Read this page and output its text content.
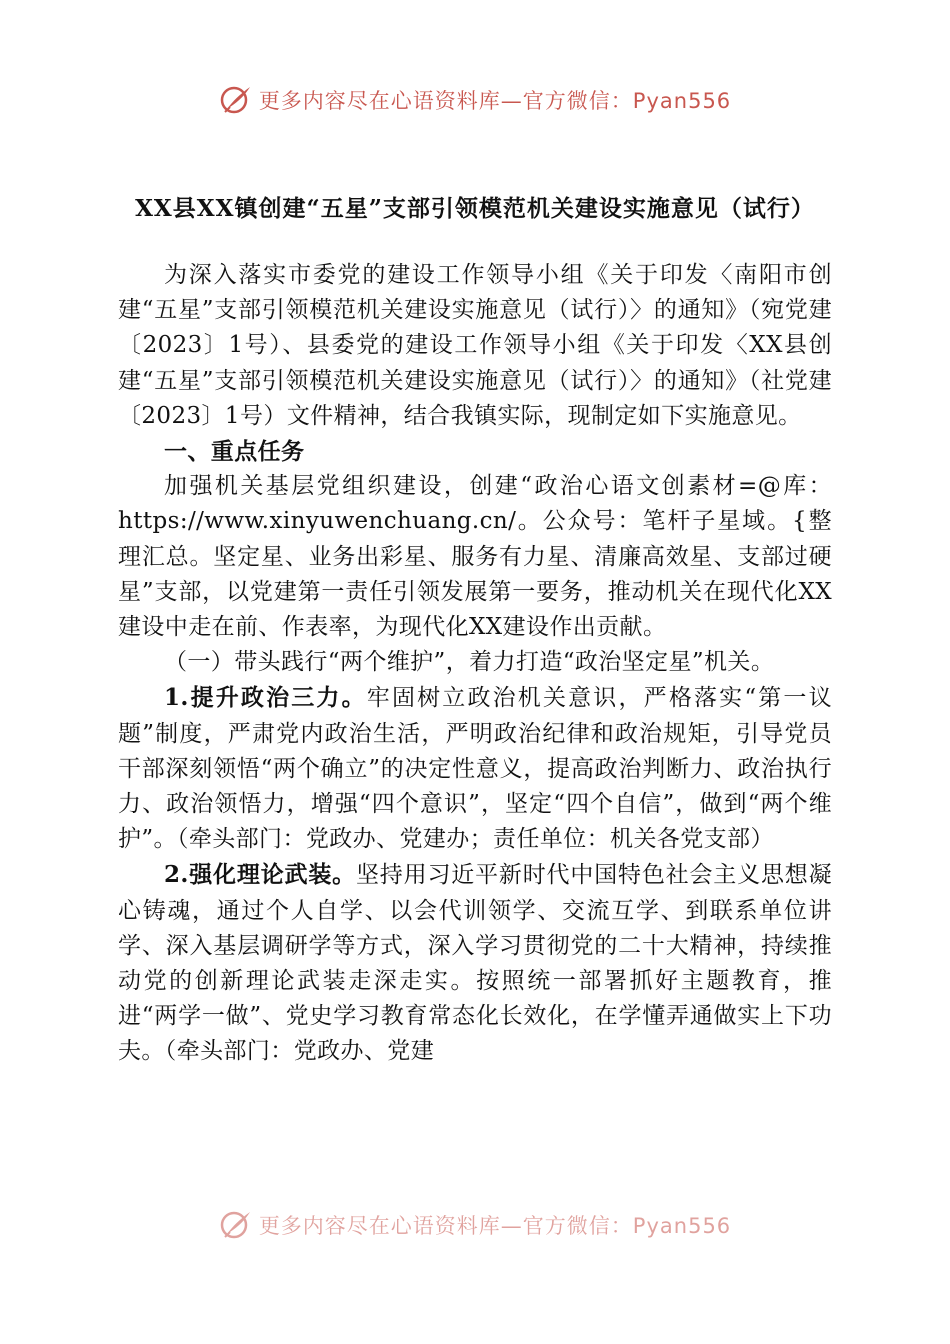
更多内容尽在心语资料库—官方微信：Pyan556
XX县XX镇创建“五星”支部引领模范机关建设实施意见（试行）

为深入落实市委党的建设工作领导小组《关于印发〈南阳市创建“五星”支部引领模范机关建设实施意见（试行）〉的通知》（宛党建〔2023〕1号）、县委党的建设工作领导小组《关于印发〈XX县创建“五星”支部引领模范机关建设实施意见（试行）〉的通知》（社党建〔2023〕1号）文件精神，结合我镇实际，现制定如下实施意见。

一、重点任务

加强机关基层党组织建设，创建“政治心语文创素材=@库：https://www.xinyuwenchuang.cn/。公众号：笔杆子星域。{整理汇总。坚定星、业务出彩星、服务有力星、清廉高效星、支部过硬星”支部，以党建第一责任引领发展第一要务，推动机关在现代化XX建设中走在前、作表率，为现代化XX建设作出贡献。

（一）带头践行“两个维护”，着力打造“政治坚定星”机关。

1.提升政治三力。牢固树立政治机关意识，严格落实“第一议题”制度，严肃党内政治生活，严明政治纪律和政治规矩，引导党员干部深刻领悟“两个确立”的决定性意义，提高政治判断力、政治执行力、政治领悟力，增强“四个意识”，坚定“四个自信”，做到“两个维护”。（牵头部门：党政办、党建办；责任单位：机关各党支部）

2.强化理论武装。坚持用习近平新时代中国特色社会主义思想凝心铸魂，通过个人自学、以会代训领学、交流互学、到联系单位讲学、深入基层调研学等方式，深入学习贯彻党的二十大精神，持续推动党的创新理论武装走深走实。按照统一部署抓好主题教育，推进“两学一做”、党史学习教育常态化长效化，在学懂弄通做实上下功夫。（牵头部门：党政办、党建

更多内容尽在心语资料库—官方微信：Pyan556
